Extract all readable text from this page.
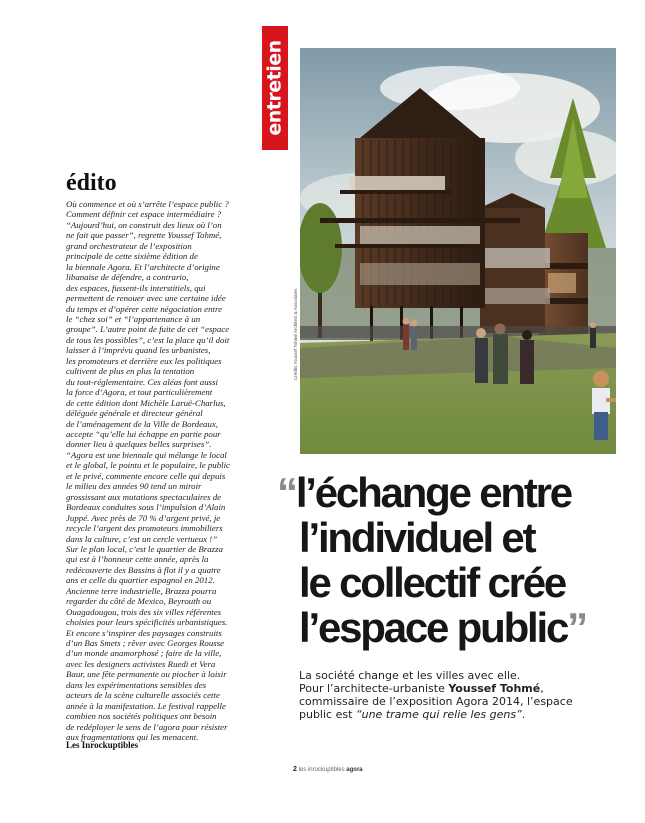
entretien
Crédits Youssef Tohmé Architect & Associates
édito
Où commence et où s’arrête l’espace public ?
Comment définir cet espace intermédiaire ?
“Aujourd’hui, on construit des lieux où l’on
ne fait que passer”, regrette Youssef Tohmé,
grand orchestrateur de l’exposition
principale de cette sixième édition de
la biennale Agora. Et l’architecte d’origine
libanaise de défendre, a contrario,
des espaces, fussent-ils interstitiels, qui
permettent de renouer avec une certaine idée
du temps et d’opérer cette négociation entre
le “chez soi” et “l’appartenance à un
groupe”. L’autre point de fuite de cet “espace
de tous les possibles”, c’est la place qu’il doit
laisser à l’imprévu quand les urbanistes,
les promoteurs et derrière eux les politiques
cultivent de plus en plus la tentation
du tout-réglementaire. Ces aléas font aussi
la force d’Agora, et tout particulièrement
de cette édition dont Michèle Laruë-Charlus,
déléguée générale et directeur général
de l’aménagement de la Ville de Bordeaux,
accepte “qu’elle lui échappe en partie pour
donner lieu à quelques belles surprises”.
“Agora est une biennale qui mélange le local
et le global, le pointu et le populaire, le public
et le privé, commente encore celle qui depuis
le milieu des années 90 tend un miroir
grossissant aux mutations spectaculaires de
Bordeaux conduites sous l’impulsion d’Alain
Juppé. Avec près de 70 % d’argent privé, je
recycle l’argent des promoteurs immobiliers
dans la culture, c’est un cercle vertueux !”
Sur le plan local, c’est le quartier de Brazza
qui est à l’honneur cette année, après la
redécouverte des Bassins à flot il y a quatre
ans et celle du quartier espagnol en 2012.
Ancienne terre industrielle, Brazza pourra
regarder du côté de Mexico, Beyrouth ou
Ouagadougou, trois des six villes référentes
choisies pour leurs spécificités urbanistiques.
Et encore s’inspirer des paysages construits
d’un Bas Smets ; rêver avec Georges Rousse
d’un monde anamorphosé ; faire de la ville,
avec les designers activistes Ruedi et Vera
Baur, une fête permanente ou piocher à loisir
dans les expérimentations sensibles des
acteurs de la scène culturelle associés cette
année à la manifestation. Le festival rappelle
combien nos sociétés politiques ont besoin
de redéployer le sens de l’agora pour résister
aux fragmentations qui les menacent.

Les Inrockuptibles

“l’échange entre
l’individuel et
le collectif crée
l’espace public”

La société change et les villes avec elle.
Pour l’architecte-urbaniste Youssef Tohmé,
commissaire de l’exposition Agora 2014, l’espace
public est “une trame qui relie les gens”.
2 les inrockuptibles agora
